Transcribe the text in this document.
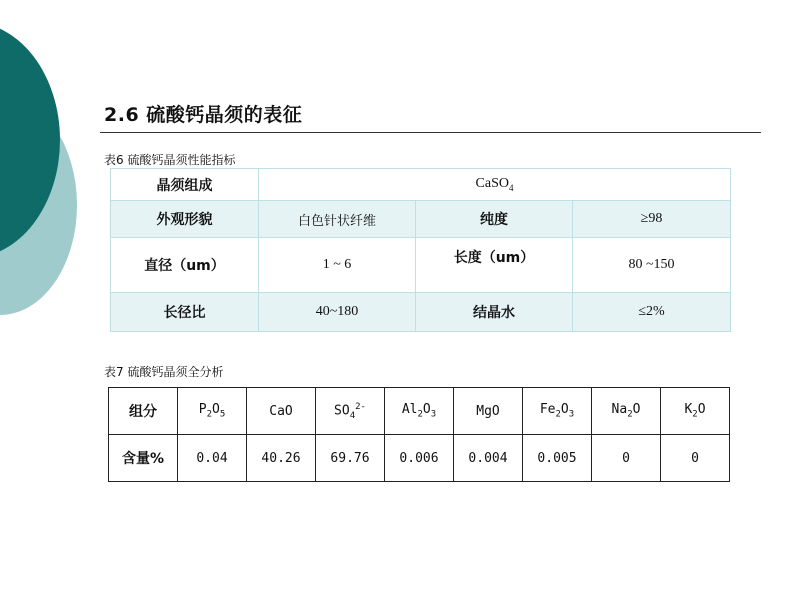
2.6 硫酸钙晶须的表征
表6 硫酸钙晶须性能指标
晶须组成	CaSO$_4$
外观形貌	白色针状纤维	纯度	≥98
直径（um）	1 ~ 6	长度（um）	80 ~150
长径比	40~180	结晶水	≤2%
表7 硫酸钙晶须全分析
组分	$P_2O_5$	CaO	$SO_4^{2-}$	$Al_2O_3$	MgO	$Fe_2O_3$	$Na_2O$	$K_2O$
含量%	0.04	40.26	69.76	0.006	0.004	0.005	0	0
